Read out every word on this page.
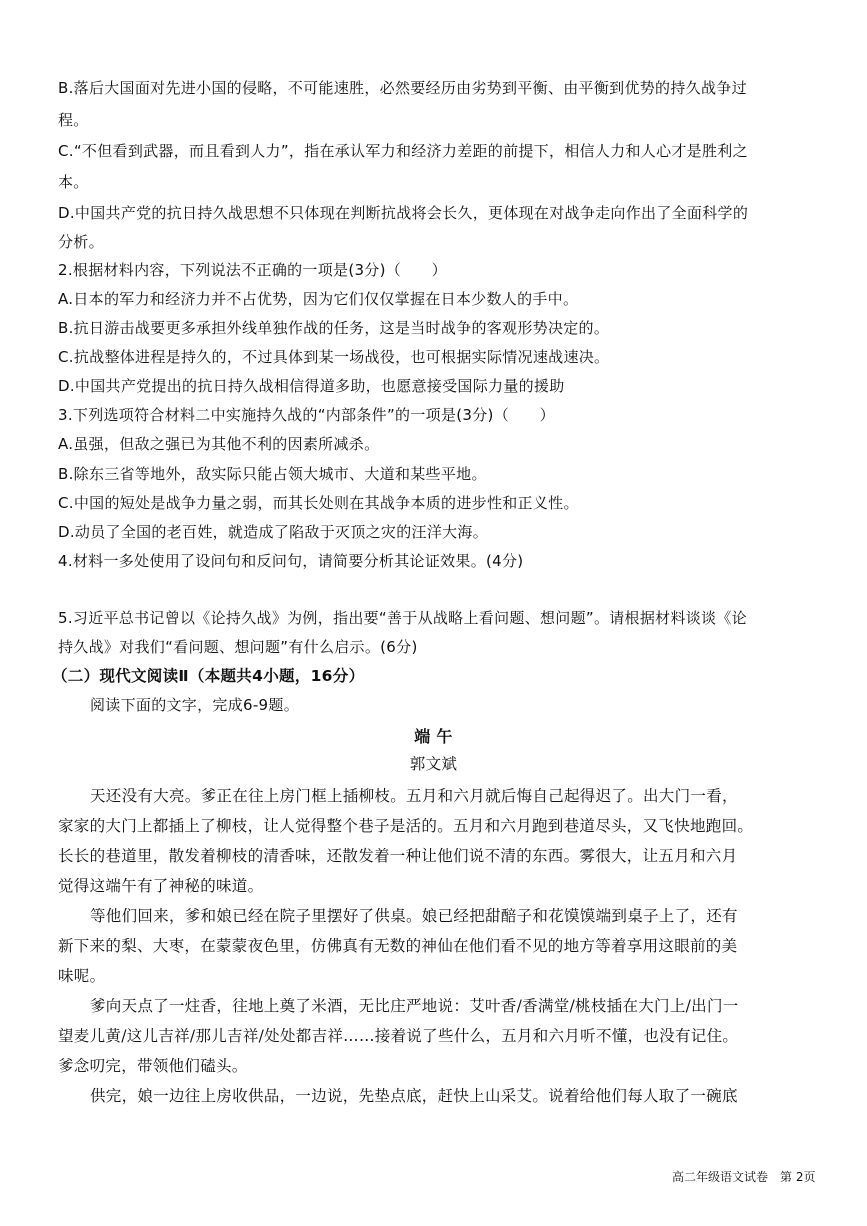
B.落后大国面对先进小国的侵略，不可能速胜，必然要经历由劣势到平衡、由平衡到优势的持久战争过
程。
C.“不但看到武器，而且看到人力”，指在承认军力和经济力差距的前提下，相信人力和人心才是胜利之
本。
D.中国共产党的抗日持久战思想不只体现在判断抗战将会长久，更体现在对战争走向作出了全面科学的
分析。
2.根据材料内容，下列说法不正确的一项是(3分)（　　）
A.日本的军力和经济力并不占优势，因为它们仅仅掌握在日本少数人的手中。
B.抗日游击战要更多承担外线单独作战的任务，这是当时战争的客观形势决定的。
C.抗战整体进程是持久的，不过具体到某一场战役，也可根据实际情况速战速决。
D.中国共产党提出的抗日持久战相信得道多助，也愿意接受国际力量的援助
3.下列选项符合材料二中实施持久战的“内部条件”的一项是(3分)（　　）
A.虽强，但敌之强已为其他不利的因素所减杀。
B.除东三省等地外，敌实际只能占领大城市、大道和某些平地。
C.中国的短处是战争力量之弱，而其长处则在其战争本质的进步性和正义性。
D.动员了全国的老百姓，就造成了陷敌于灭顶之灾的汪洋大海。
4.材料一多处使用了设问句和反问句，请简要分析其论证效果。(4分)
5.习近平总书记曾以《论持久战》为例，指出要“善于从战略上看问题、想问题”。请根据材料谈谈《论
持久战》对我们“看问题、想问题”有什么启示。(6分)
（二）现代文阅读Ⅱ（本题共4小题，16分）
阅读下面的文字，完成6-9题。
端 午
郭文斌
天还没有大亮。爹正在往上房门框上插柳枝。五月和六月就后悔自己起得迟了。出大门一看，
家家的大门上都插上了柳枝，让人觉得整个巷子是活的。五月和六月跑到巷道尽头，又飞快地跑回。
长长的巷道里，散发着柳枝的清香味，还散发着一种让他们说不清的东西。雾很大，让五月和六月
觉得这端午有了神秘的味道。
等他们回来，爹和娘已经在院子里摆好了供桌。娘已经把甜醅子和花馍馍端到桌子上了，还有
新下来的梨、大枣，在蒙蒙夜色里，仿佛真有无数的神仙在他们看不见的地方等着享用这眼前的美
味呢。
爹向天点了一炷香，往地上奠了米酒，无比庄严地说：艾叶香/香满堂/桃枝插在大门上/出门一
望麦儿黄/这儿吉祥/那儿吉祥/处处都吉祥……接着说了些什么，五月和六月听不懂，也没有记住。
爹念叨完，带领他们磕头。
供完，娘一边往上房收供品，一边说，先垫点底，赶快上山采艾。说着给他们每人取了一碗底
高二年级语文试卷　第 2页
